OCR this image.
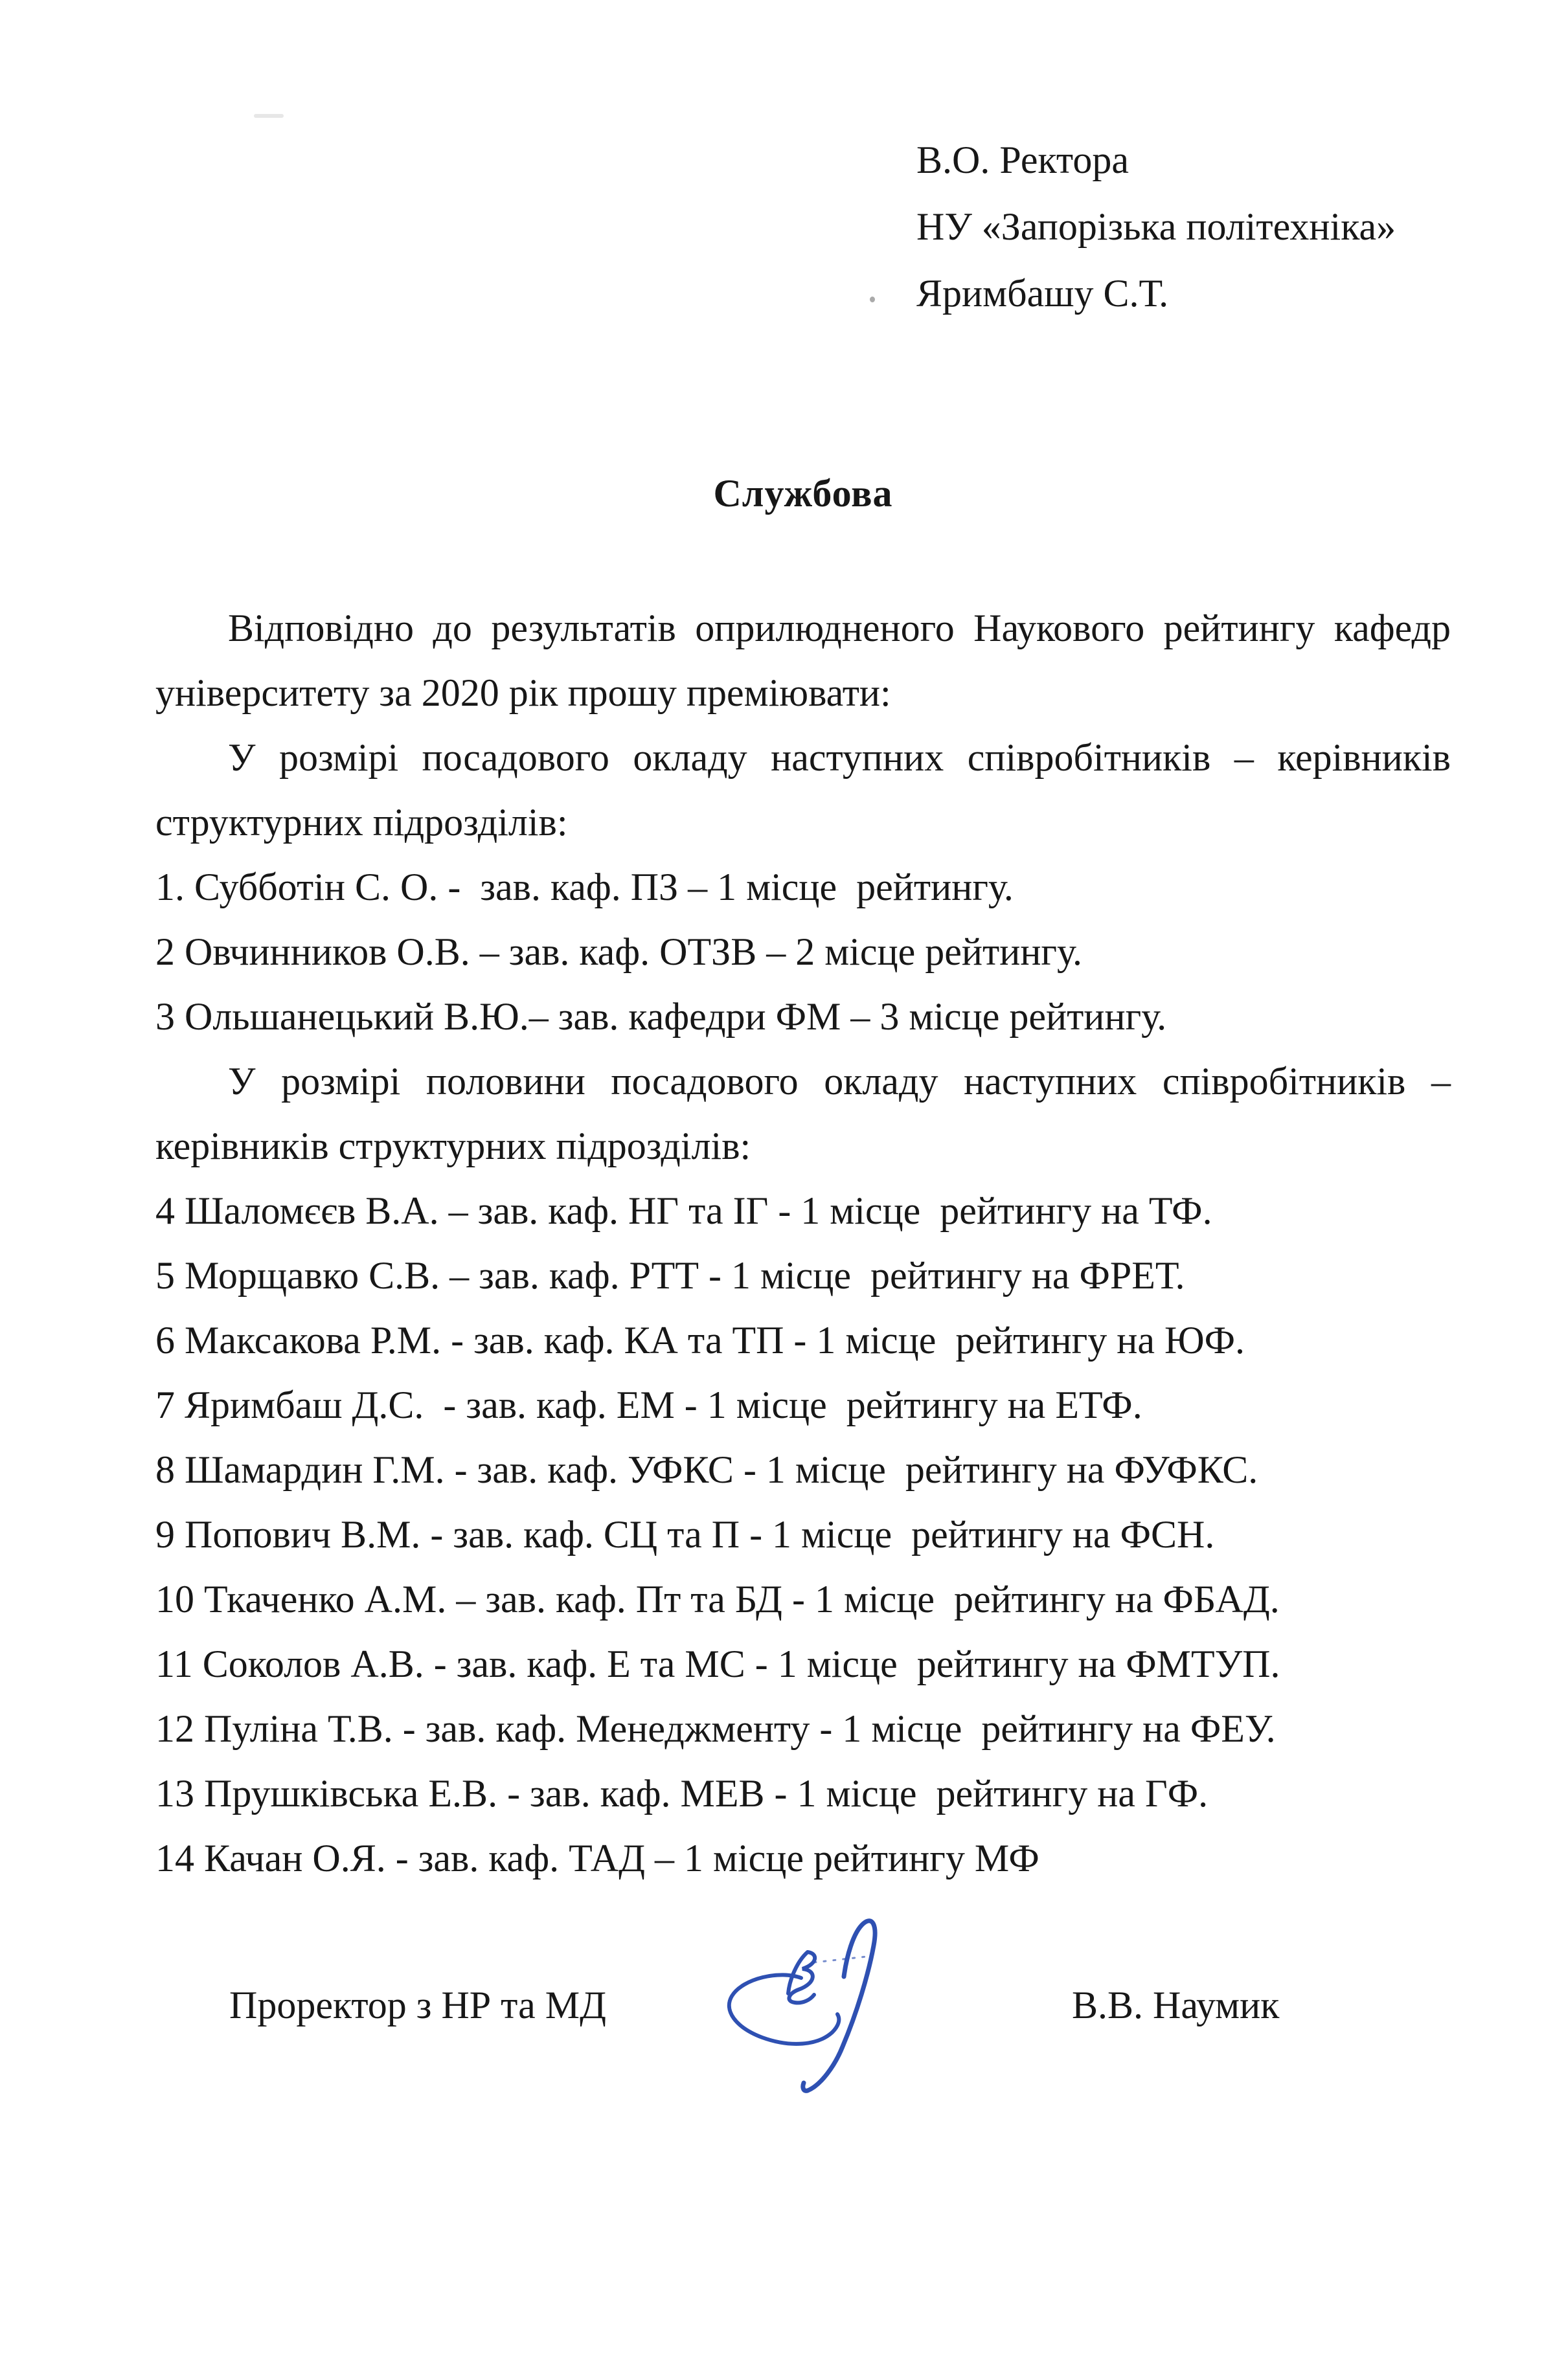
В.О. Ректора
НУ «Запорізька політехніка»
Яримбашу С.Т.
Службова
Відповідно до результатів оприлюдненого Наукового рейтингу кафедр
університету за 2020 рік прошу преміювати:
У розмірі посадового окладу наступних співробітників – керівників
структурних підрозділів:
1. Субботін С. О. -  зав. каф. ПЗ – 1 місце  рейтингу.
2 Овчинников О.В. – зав. каф. ОТЗВ – 2 місце рейтингу.
3 Ольшанецький В.Ю.– зав. кафедри ФМ – 3 місце рейтингу.
У розмірі половини посадового окладу наступних співробітників –
керівників структурних підрозділів:
4 Шаломєєв В.А. – зав. каф. НГ та ІГ - 1 місце  рейтингу на ТФ.
5 Морщавко С.В. – зав. каф. РТТ - 1 місце  рейтингу на ФРЕТ.
6 Максакова Р.М. - зав. каф. КА та ТП - 1 місце  рейтингу на ЮФ.
7 Яримбаш Д.С.  - зав. каф. ЕМ - 1 місце  рейтингу на ЕТФ.
8 Шамардин Г.М. - зав. каф. УФКС - 1 місце  рейтингу на ФУФКС.
9 Попович В.М. - зав. каф. СЦ та П - 1 місце  рейтингу на ФСН.
10 Ткаченко А.М. – зав. каф. Пт та БД - 1 місце  рейтингу на ФБАД.
11 Соколов А.В. - зав. каф. Е та МС - 1 місце  рейтингу на ФМТУП.
12 Пуліна Т.В. - зав. каф. Менеджменту - 1 місце  рейтингу на ФЕУ.
13 Прушківська Е.В. - зав. каф. МЕВ - 1 місце  рейтингу на ГФ.
14 Качан О.Я. - зав. каф. ТАД – 1 місце рейтингу МФ
Проректор з НР та МД	В.В. Наумик
